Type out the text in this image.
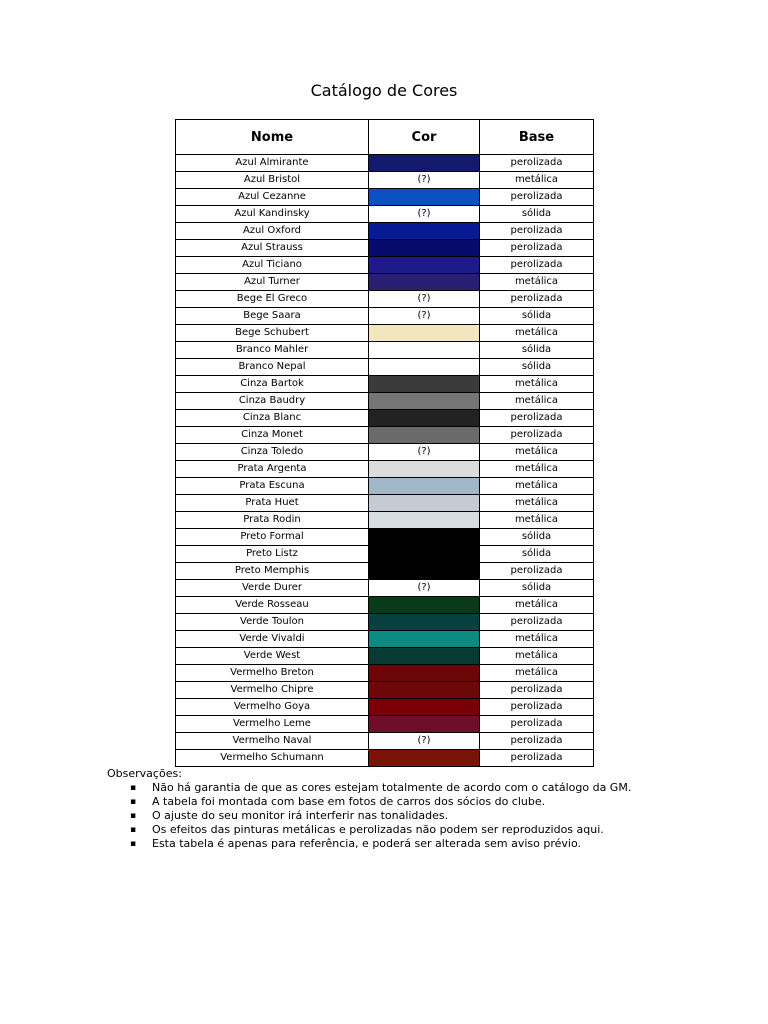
Catálogo de Cores
Nome	Cor	Base
Azul Almirante		perolizada
Azul Bristol	(?)	metálica
Azul Cezanne		perolizada
Azul Kandinsky	(?)	sólida
Azul Oxford		perolizada
Azul Strauss		perolizada
Azul Ticiano		perolizada
Azul Turner		metálica
Bege El Greco	(?)	perolizada
Bege Saara	(?)	sólida
Bege Schubert		metálica
Branco Mahler		sólida
Branco Nepal		sólida
Cinza Bartok		metálica
Cinza Baudry		metálica
Cinza Blanc		perolizada
Cinza Monet		perolizada
Cinza Toledo	(?)	metálica
Prata Argenta		metálica
Prata Escuna		metálica
Prata Huet		metálica
Prata Rodin		metálica
Preto Formal		sólida
Preto Listz		sólida
Preto Memphis		perolizada
Verde Durer	(?)	sólida
Verde Rosseau		metálica
Verde Toulon		perolizada
Verde Vivaldi		metálica
Verde West		metálica
Vermelho Breton		metálica
Vermelho Chipre		perolizada
Vermelho Goya		perolizada
Vermelho Leme		perolizada
Vermelho Naval	(?)	perolizada
Vermelho Schumann		perolizada
Observações:
▪ Não há garantia de que as cores estejam totalmente de acordo com o catálogo da GM.
▪ A tabela foi montada com base em fotos de carros dos sócios do clube.
▪ O ajuste do seu monitor irá interferir nas tonalidades.
▪ Os efeitos das pinturas metálicas e perolizadas não podem ser reproduzidos aqui.
▪ Esta tabela é apenas para referência, e poderá ser alterada sem aviso prévio.
